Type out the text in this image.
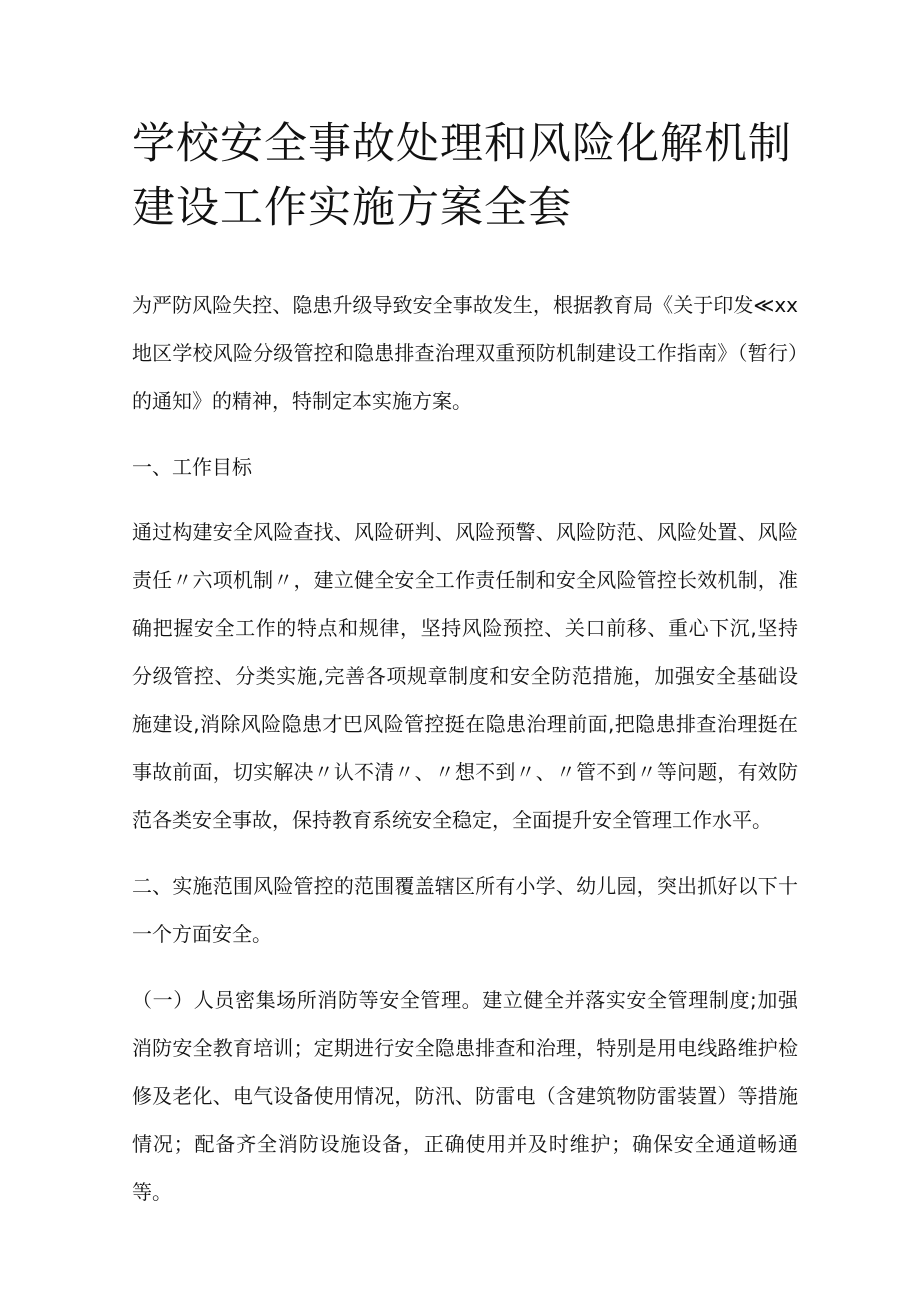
学校安全事故处理和风险化解机制建设工作实施方案全套

为严防风险失控、隐患升级导致安全事故发生，根据教育局《关于印发≪xx地区学校风险分级管控和隐患排查治理双重预防机制建设工作指南》（暂行）的通知》的精神，特制定本实施方案。

一、工作目标

通过构建安全风险查找、风险研判、风险预警、风险防范、风险处置、风险责任〃六项机制〃，建立健全安全工作责任制和安全风险管控长效机制，准确把握安全工作的特点和规律，坚持风险预控、关口前移、重心下沉,坚持分级管控、分类实施,完善各项规章制度和安全防范措施，加强安全基础设施建设,消除风险隐患才巴风险管控挺在隐患治理前面,把隐患排查治理挺在事故前面，切实解决〃认不清〃、〃想不到〃、〃管不到〃等问题，有效防范各类安全事故，保持教育系统安全稳定，全面提升安全管理工作水平。

二、实施范围风险管控的范围覆盖辖区所有小学、幼儿园，突出抓好以下十一个方面安全。

（一）人员密集场所消防等安全管理。建立健全并落实安全管理制度;加强消防安全教育培训；定期进行安全隐患排查和治理，特别是用电线路维护检修及老化、电气设备使用情况，防汛、防雷电（含建筑物防雷装置）等措施情况；配备齐全消防设施设备，正确使用并及时维护；确保安全通道畅通等。
